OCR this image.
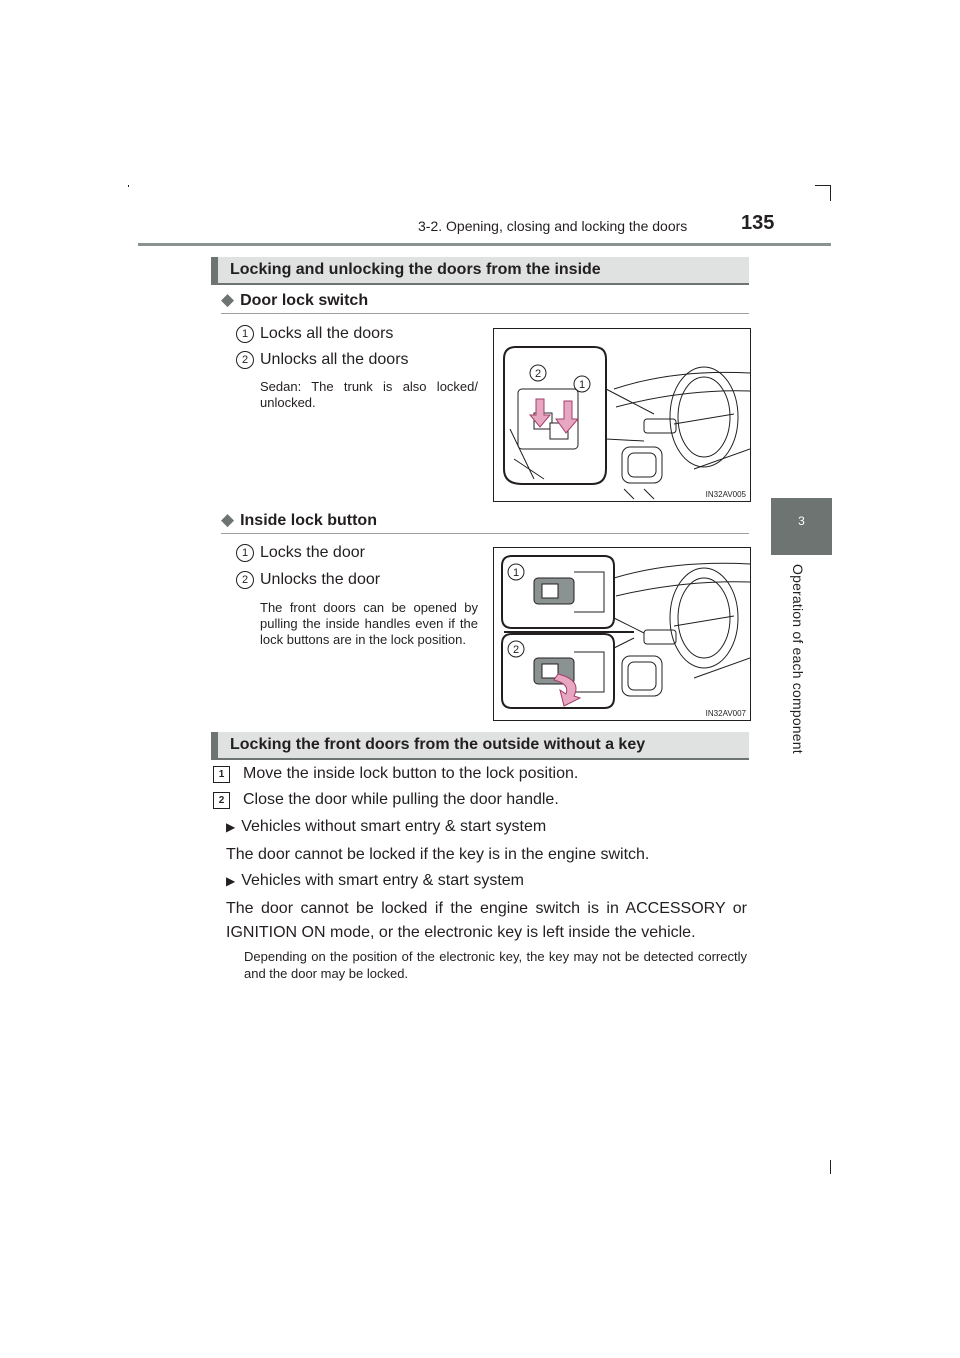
3-2. Opening, closing and locking the doors	135
3
Operation of each component
Locking and unlocking the doors from the inside
◆ Door lock switch
1 Locks all the doors
2 Unlocks all the doors
Sedan: The trunk is also locked/ unlocked.
2
1
IN32AV005
◆ Inside lock button
1 Locks the door
2 Unlocks the door
The front doors can be opened by pulling the inside handles even if the lock buttons are in the lock position.
1
2
IN32AV007
Locking the front doors from the outside without a key
1	Move the inside lock button to the lock position.
2	Close the door while pulling the door handle.
▶ Vehicles without smart entry & start system
The door cannot be locked if the key is in the engine switch.
▶ Vehicles with smart entry & start system
The door cannot be locked if the engine switch is in ACCESSORY or IGNITION ON mode, or the electronic key is left inside the vehicle.
Depending on the position of the electronic key, the key may not be detected correctly and the door may be locked.
